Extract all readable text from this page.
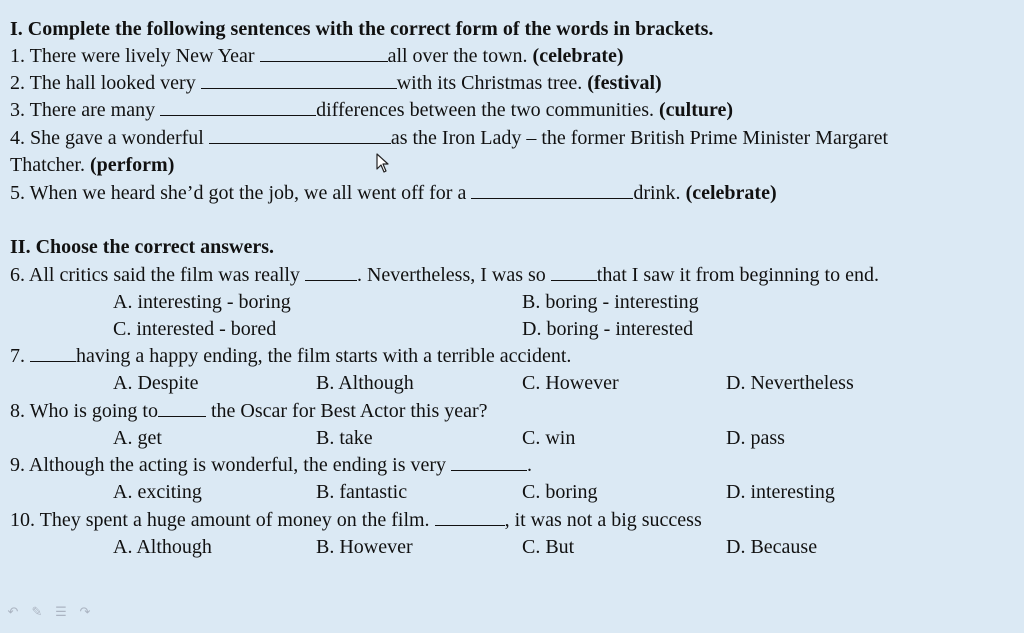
I. Complete the following sentences with the correct form of the words in brackets.
1. There were lively New Year	all over the town. (celebrate)
2. The hall looked very	with its Christmas tree. (festival)
3. There are many	differences between the two communities. (culture)
4. She gave a wonderful	as the Iron Lady – the former British Prime Minister Margaret
Thatcher. (perform)
5. When we heard she’d got the job, we all went off for a	drink. (celebrate)
II. Choose the correct answers.
6. All critics said the film was really	. Nevertheless, I was so that I saw it from beginning to end.
A. interesting - boring	B. boring - interesting
C. interested - bored	D. boring - interested
7. having a happy ending, the film starts with a terrible accident.
A. Despite	B. Although	C. However	D. Nevertheless
8. Who is going to the Oscar for Best Actor this year?
A. get	B. take	C. win	D. pass
9. Although the acting is wonderful, the ending is very	.
A. exciting	B. fantastic	C. boring	D. interesting
10. They spent a huge amount of money on the film.	, it was not a big success
A. Although	B. However	C. But	D. Because
↶ ✎ ☰ ↷
